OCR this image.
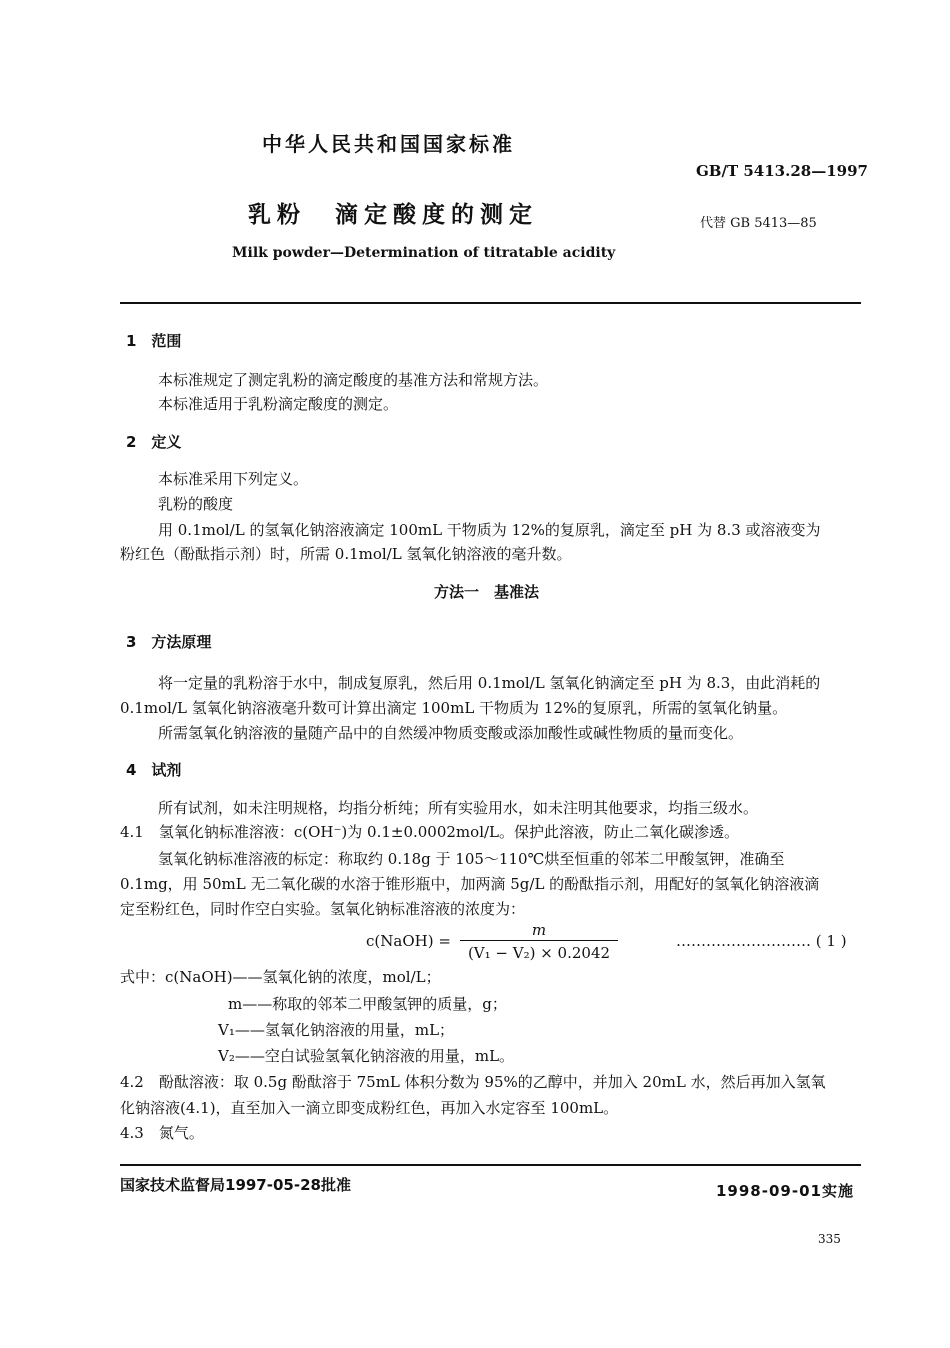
中华人民共和国国家标准
GB/T 5413.28—1997
乳粉　滴定酸度的测定	代替 GB 5413—85
Milk powder—Determination of titratable acidity
1　范围
本标准规定了测定乳粉的滴定酸度的基准方法和常规方法。
本标准适用于乳粉滴定酸度的测定。
2　定义
本标准采用下列定义。
乳粉的酸度
用 0.1mol/L 的氢氧化钠溶液滴定 100mL 干物质为 12%的复原乳，滴定至 pH 为 8.3 或溶液变为
粉红色（酚酞指示剂）时，所需 0.1mol/L 氢氧化钠溶液的毫升数。
方法一　基准法
3　方法原理
将一定量的乳粉溶于水中，制成复原乳，然后用 0.1mol/L 氢氧化钠滴定至 pH 为 8.3，由此消耗的
0.1mol/L 氢氧化钠溶液毫升数可计算出滴定 100mL 干物质为 12%的复原乳，所需的氢氧化钠量。
所需氢氧化钠溶液的量随产品中的自然缓冲物质变酸或添加酸性或碱性物质的量而变化。
4　试剂
所有试剂，如未注明规格，均指分析纯；所有实验用水，如未注明其他要求，均指三级水。
4.1　氢氧化钠标准溶液：c(OH⁻)为 0.1±0.0002mol/L。保护此溶液，防止二氧化碳渗透。
氢氧化钠标准溶液的标定：称取约 0.18g 于 105～110℃烘至恒重的邻苯二甲酸氢钾，准确至
0.1mg，用 50mL 无二氧化碳的水溶于锥形瓶中，加两滴 5g/L 的酚酞指示剂，用配好的氢氧化钠溶液滴
定至粉红色，同时作空白实验。氢氧化钠标准溶液的浓度为：
c(NaOH) =
m
(V₁ − V₂) × 0.2042
……………………… ( 1 )
式中：c(NaOH)——氢氧化钠的浓度，mol/L；
m——称取的邻苯二甲酸氢钾的质量，g；
V₁——氢氧化钠溶液的用量，mL；
V₂——空白试验氢氧化钠溶液的用量，mL。
4.2　酚酞溶液：取 0.5g 酚酞溶于 75mL 体积分数为 95%的乙醇中，并加入 20mL 水，然后再加入氢氧
化钠溶液(4.1)，直至加入一滴立即变成粉红色，再加入水定容至 100mL。
4.3　氮气。
国家技术监督局1997-05-28批准	1998-09-01实施
335
